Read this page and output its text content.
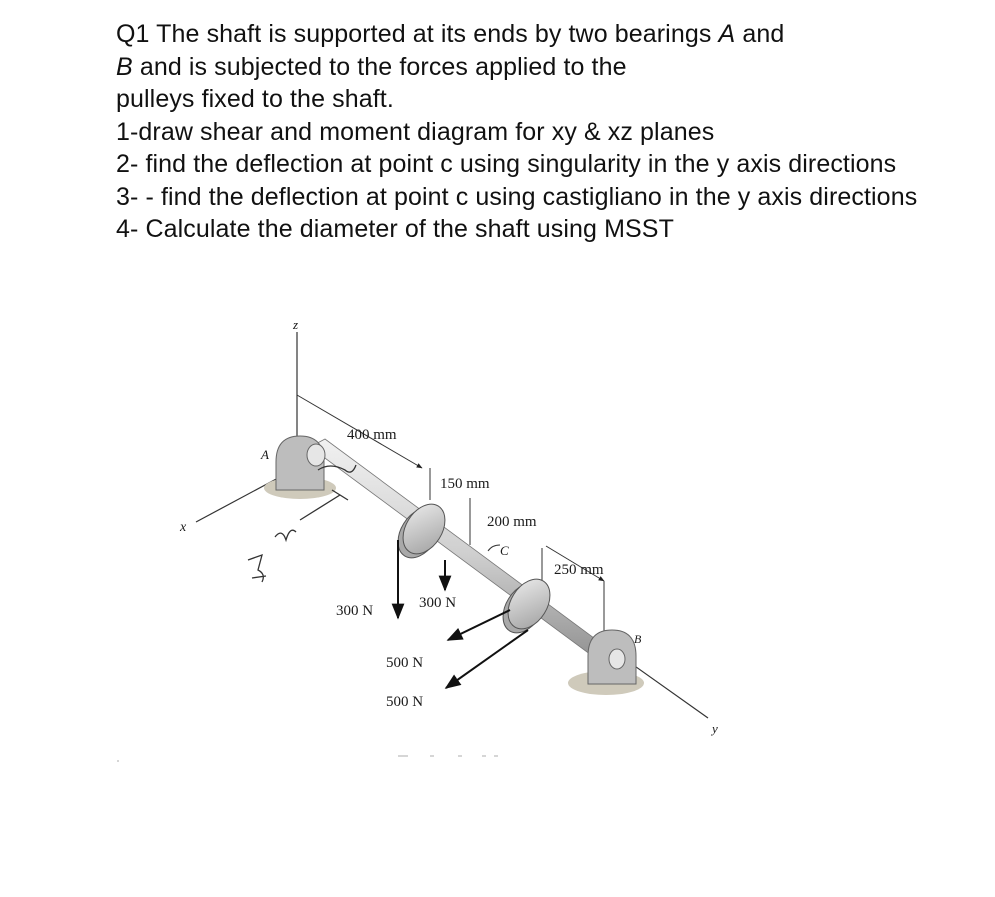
Q1 The shaft is supported at its ends by two bearings A and

B and is subjected to the forces applied to the

pulleys fixed to the shaft.

1-draw shear and moment diagram for xy & xz planes

2- find the deflection at point c using singularity in the y axis directions

3- - find the deflection at point c using castigliano in the y axis directions

4- Calculate the diameter of the shaft using MSST

z
x
y
A
B
C
400 mm
150 mm
200 mm
250 mm
300 N	300 N
500 N
500 N
